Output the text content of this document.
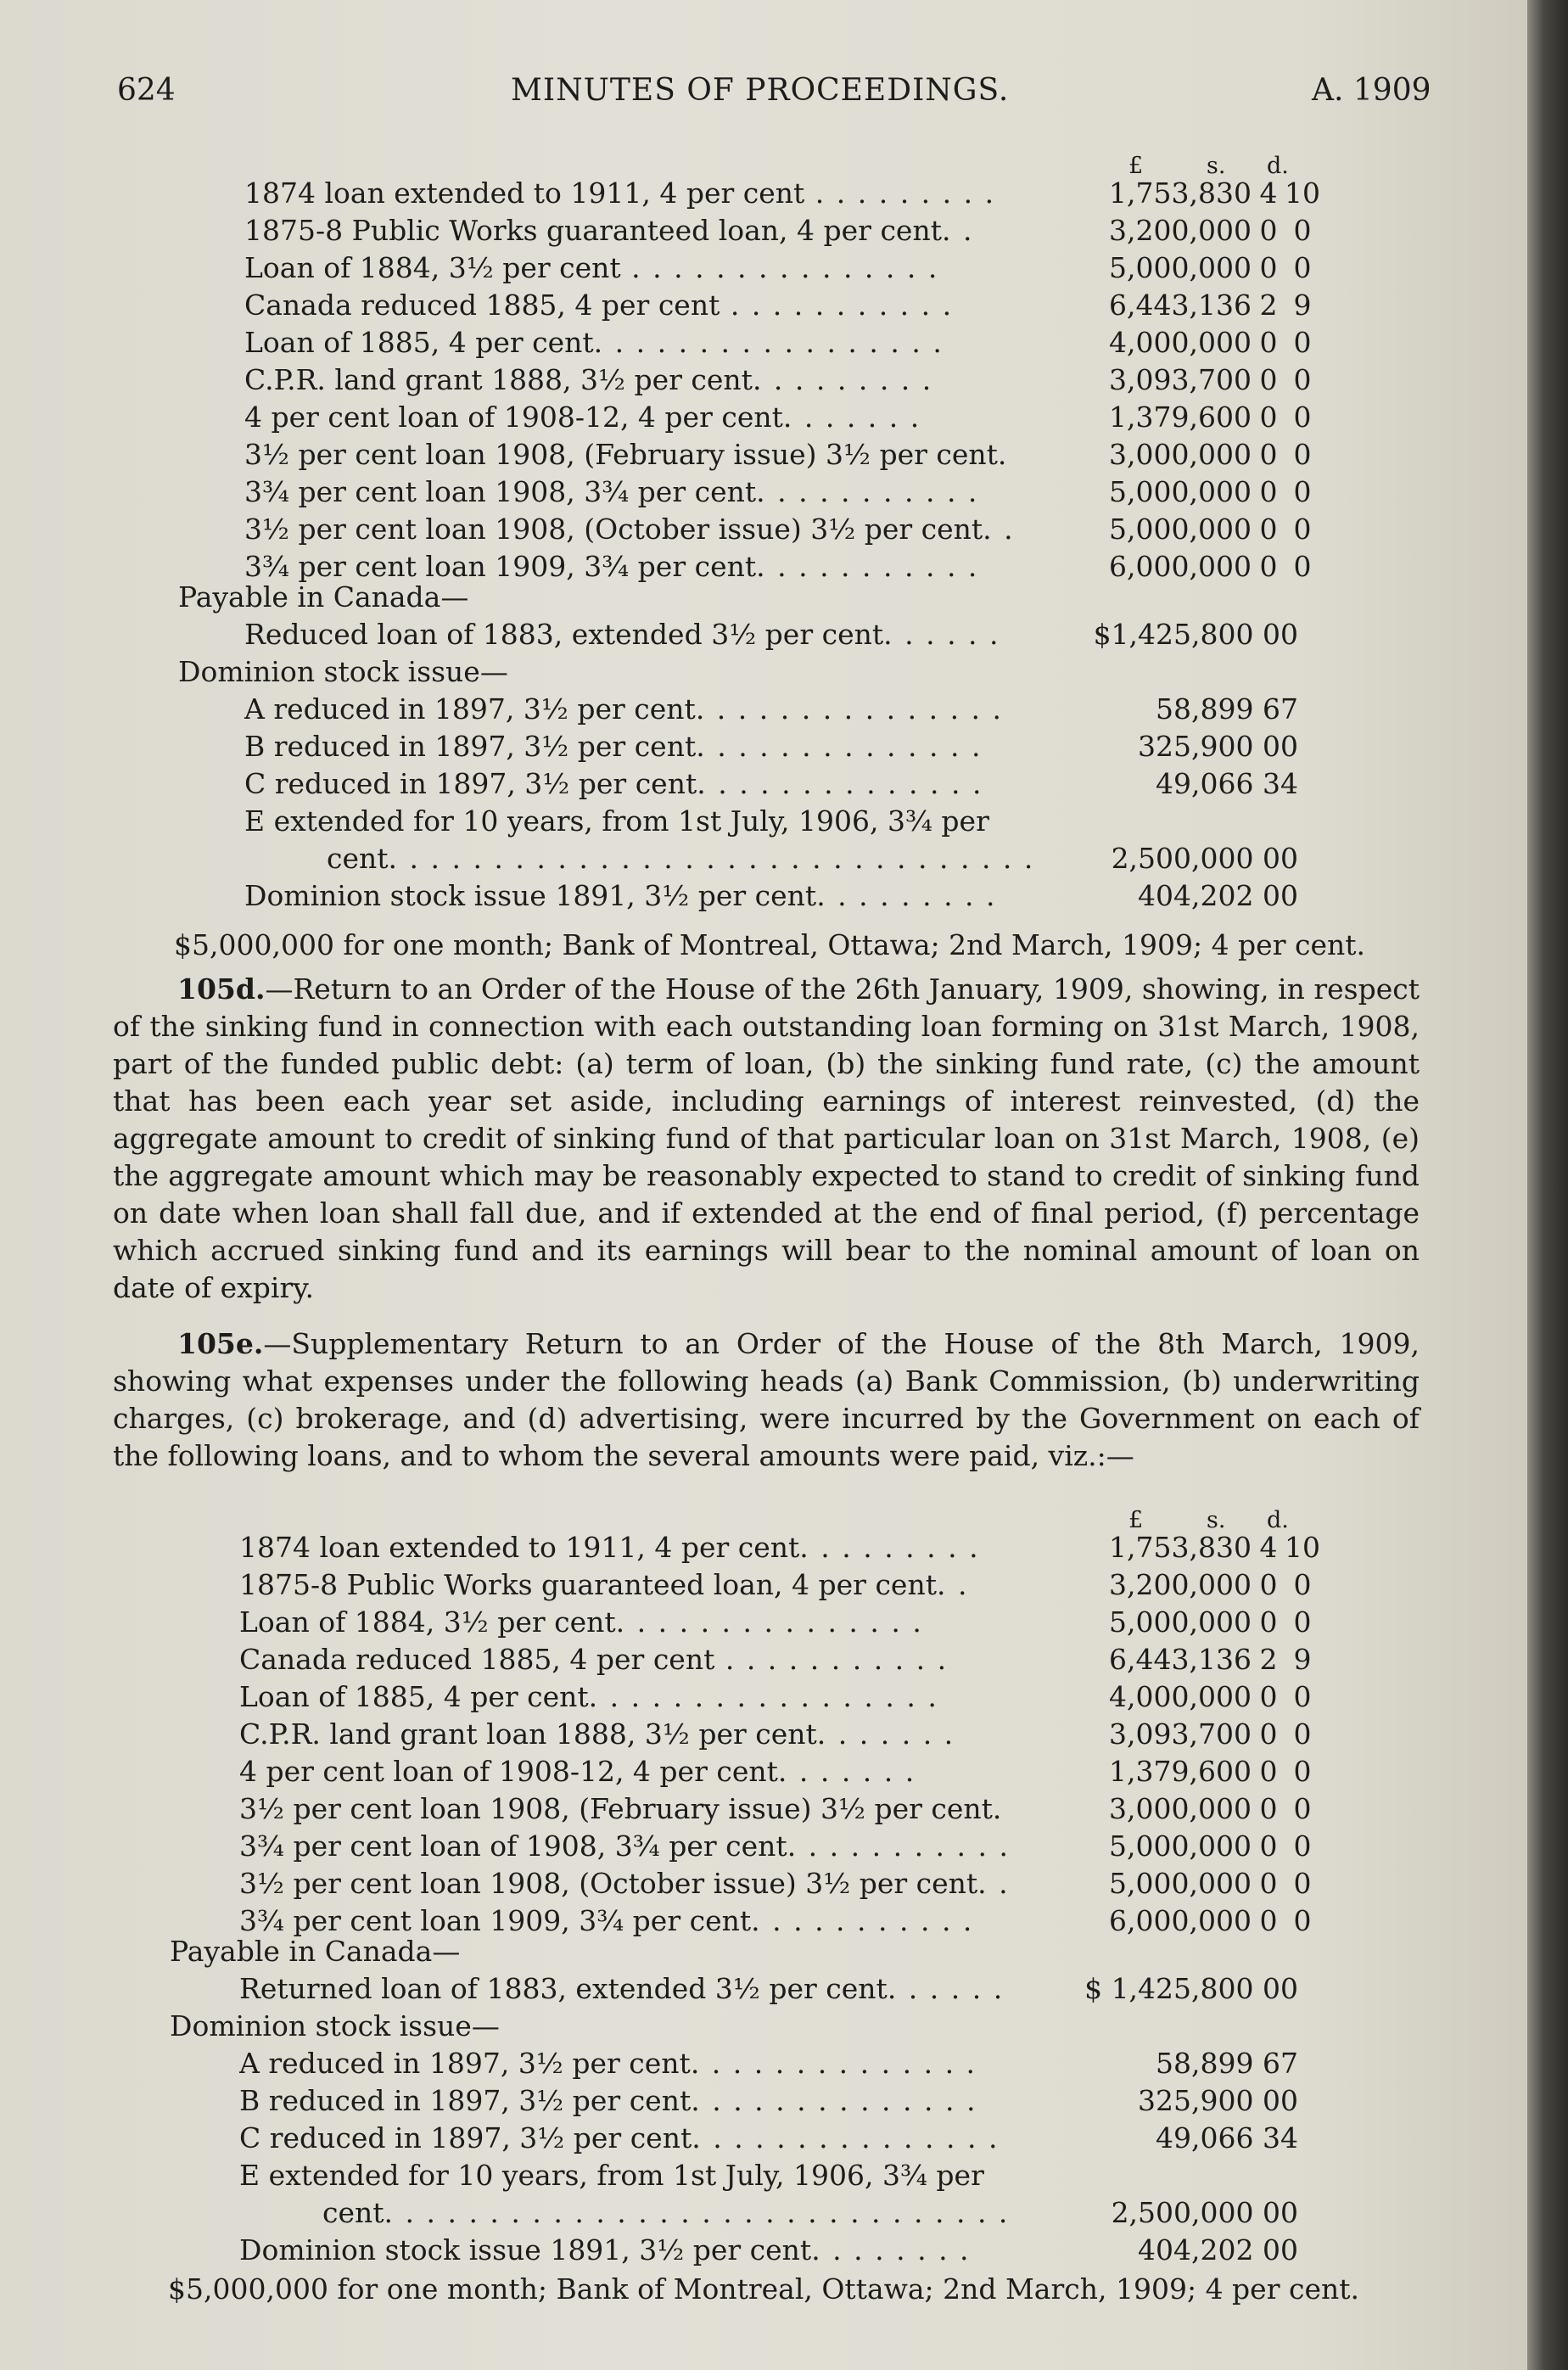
624	MINUTES OF PROCEEDINGS.	A. 1909
£	s. d.
1874 loan extended to 1911, 4 per cent . . . . . . . . .	1,753,830 4 10
1875-8 Public Works guaranteed loan, 4 per cent. .	3,200,000 0 0
Loan of 1884, 3½ per cent . . . . . . . . . . . . . . .	5,000,000 0 0
Canada reduced 1885, 4 per cent . . . . . . . . . . .	6,443,136 2 9
Loan of 1885, 4 per cent. . . . . . . . . . . . . . . . .	4,000,000 0 0
C.P.R. land grant 1888, 3½ per cent. . . . . . . . .	3,093,700 0 0
4 per cent loan of 1908-12, 4 per cent. . . . . . .	1,379,600 0 0
3½ per cent loan 1908, (February issue) 3½ per cent.	3,000,000 0 0
3¾ per cent loan 1908, 3¾ per cent. . . . . . . . . . .	5,000,000 0 0
3½ per cent loan 1908, (October issue) 3½ per cent. .	5,000,000 0 0
3¾ per cent loan 1909, 3¾ per cent. . . . . . . . . . .	6,000,000 0 0
Payable in Canada—
Reduced loan of 1883, extended 3½ per cent. . . . . .	$1,425,800 00
Dominion stock issue—
A reduced in 1897, 3½ per cent. . . . . . . . . . . . . . .	58,899 67
B reduced in 1897, 3½ per cent. . . . . . . . . . . . . .	325,900 00
C reduced in 1897, 3½ per cent. . . . . . . . . . . . . .	49,066 34
E extended for 10 years, from 1st July, 1906, 3¾ per
cent. . . . . . . . . . . . . . . . . . . . . . . . . . . . . . .	2,500,000 00
Dominion stock issue 1891, 3½ per cent. . . . . . . . .	404,202 00
$5,000,000 for one month; Bank of Montreal, Ottawa; 2nd March, 1909; 4 per cent.
105d.—Return to an Order of the House of the 26th January, 1909, showing, in respect of the sinking fund in connection with each outstanding loan forming on 31st March, 1908, part of the funded public debt: (a) term of loan, (b) the sinking fund rate, (c) the amount that has been each year set aside, including earnings of interest reinvested, (d) the aggregate amount to credit of sinking fund of that particular loan on 31st March, 1908, (e) the aggregate amount which may be reasonably expected to stand to credit of sinking fund on date when loan shall fall due, and if extended at the end of final period, (f) percentage which accrued sinking fund and its earnings will bear to the nominal amount of loan on date of expiry.
105e.—Supplementary Return to an Order of the House of the 8th March, 1909, showing what expenses under the following heads (a) Bank Commission, (b) underwriting charges, (c) brokerage, and (d) advertising, were incurred by the Government on each of the following loans, and to whom the several amounts were paid, viz.:—
£	s. d.
1874 loan extended to 1911, 4 per cent. . . . . . . . .	1,753,830 4 10
1875-8 Public Works guaranteed loan, 4 per cent. .	3,200,000 0 0
Loan of 1884, 3½ per cent. . . . . . . . . . . . . . .	5,000,000 0 0
Canada reduced 1885, 4 per cent . . . . . . . . . . .	6,443,136 2 9
Loan of 1885, 4 per cent. . . . . . . . . . . . . . . . .	4,000,000 0 0
C.P.R. land grant loan 1888, 3½ per cent. . . . . . .	3,093,700 0 0
4 per cent loan of 1908-12, 4 per cent. . . . . . .	1,379,600 0 0
3½ per cent loan 1908, (February issue) 3½ per cent.	3,000,000 0 0
3¾ per cent loan of 1908, 3¾ per cent. . . . . . . . . . .	5,000,000 0 0
3½ per cent loan 1908, (October issue) 3½ per cent. .	5,000,000 0 0
3¾ per cent loan 1909, 3¾ per cent. . . . . . . . . . .	6,000,000 0 0
Payable in Canada—
Returned loan of 1883, extended 3½ per cent. . . . . .	$ 1,425,800 00
Dominion stock issue—
A reduced in 1897, 3½ per cent. . . . . . . . . . . . . .	58,899 67
B reduced in 1897, 3½ per cent. . . . . . . . . . . . . .	325,900 00
C reduced in 1897, 3½ per cent. . . . . . . . . . . . . . .	49,066 34
E extended for 10 years, from 1st July, 1906, 3¾ per
cent. . . . . . . . . . . . . . . . . . . . . . . . . . . . . .	2,500,000 00
Dominion stock issue 1891, 3½ per cent. . . . . . . .	404,202 00
$5,000,000 for one month; Bank of Montreal, Ottawa; 2nd March, 1909; 4 per cent.
